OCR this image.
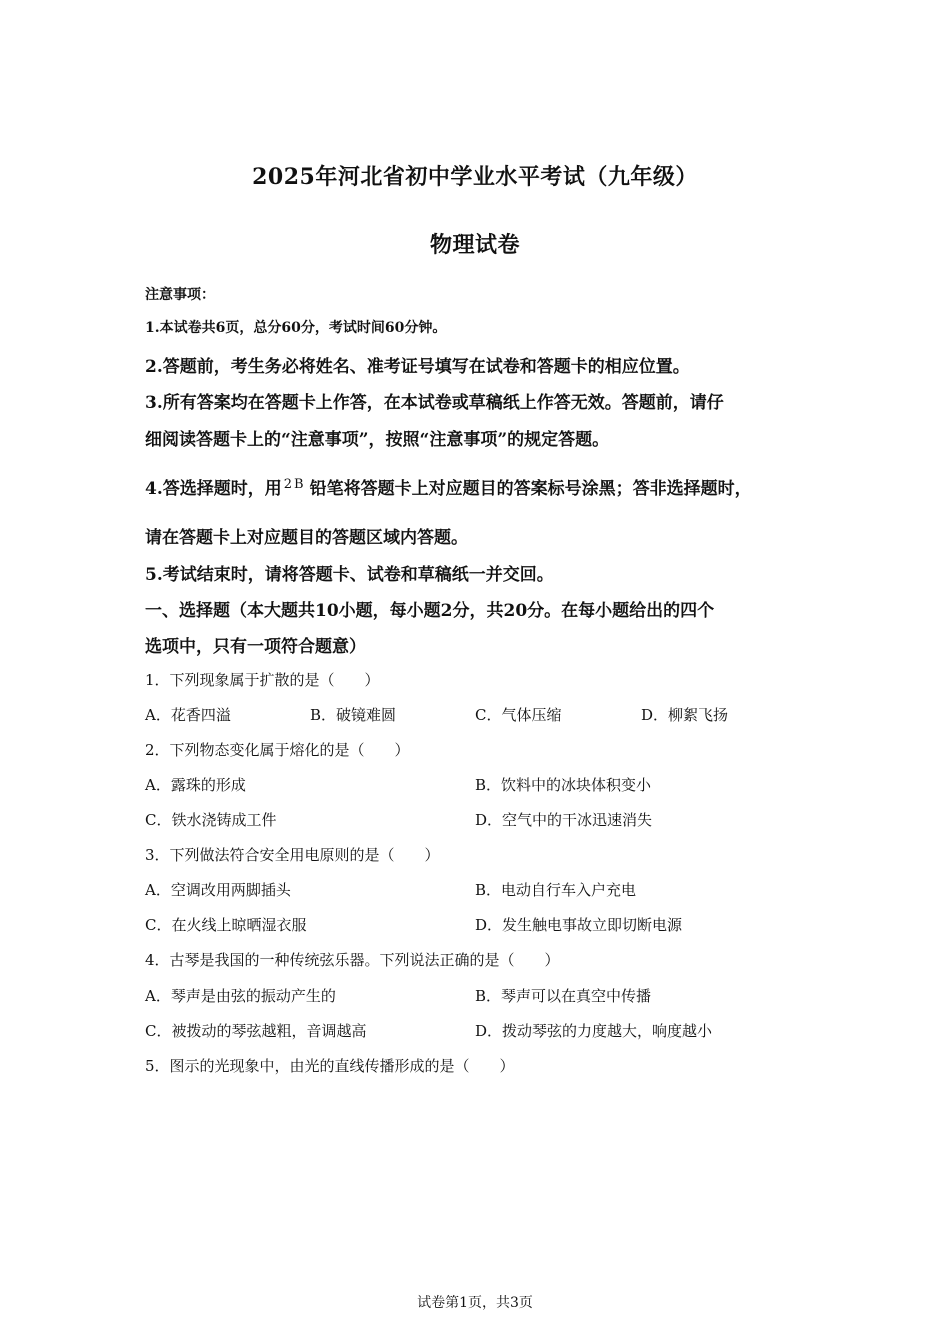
2025年河北省初中学业水平考试（九年级）
物理试卷
注意事项：
1.本试卷共6页，总分60分，考试时间60分钟。
2.答题前，考生务必将姓名、准考证号填写在试卷和答题卡的相应位置。
3.所有答案均在答题卡上作答，在本试卷或草稿纸上作答无效。答题前，请仔
细阅读答题卡上的“注意事项”，按照“注意事项”的规定答题。
4.答选择题时，用 2B 铅笔将答题卡上对应题目的答案标号涂黑；答非选择题时，
请在答题卡上对应题目的答题区域内答题。
5.考试结束时，请将答题卡、试卷和草稿纸一并交回。
一、选择题（本大题共10小题，每小题2分，共20分。在每小题给出的四个
选项中，只有一项符合题意）
1．下列现象属于扩散的是（　　）
A．花香四溢	B．破镜难圆	C．气体压缩	D．柳絮飞扬
2．下列物态变化属于熔化的是（　　）
A．露珠的形成	B．饮料中的冰块体积变小
C．铁水浇铸成工件	D．空气中的干冰迅速消失
3．下列做法符合安全用电原则的是（　　）
A．空调改用两脚插头	B．电动自行车入户充电
C．在火线上晾晒湿衣服	D．发生触电事故立即切断电源
4．古琴是我国的一种传统弦乐器。下列说法正确的是（　　）
A．琴声是由弦的振动产生的	B．琴声可以在真空中传播
C．被拨动的琴弦越粗，音调越高	D．拨动琴弦的力度越大，响度越小
5．图示的光现象中，由光的直线传播形成的是（　　）
试卷第1页，共3页
